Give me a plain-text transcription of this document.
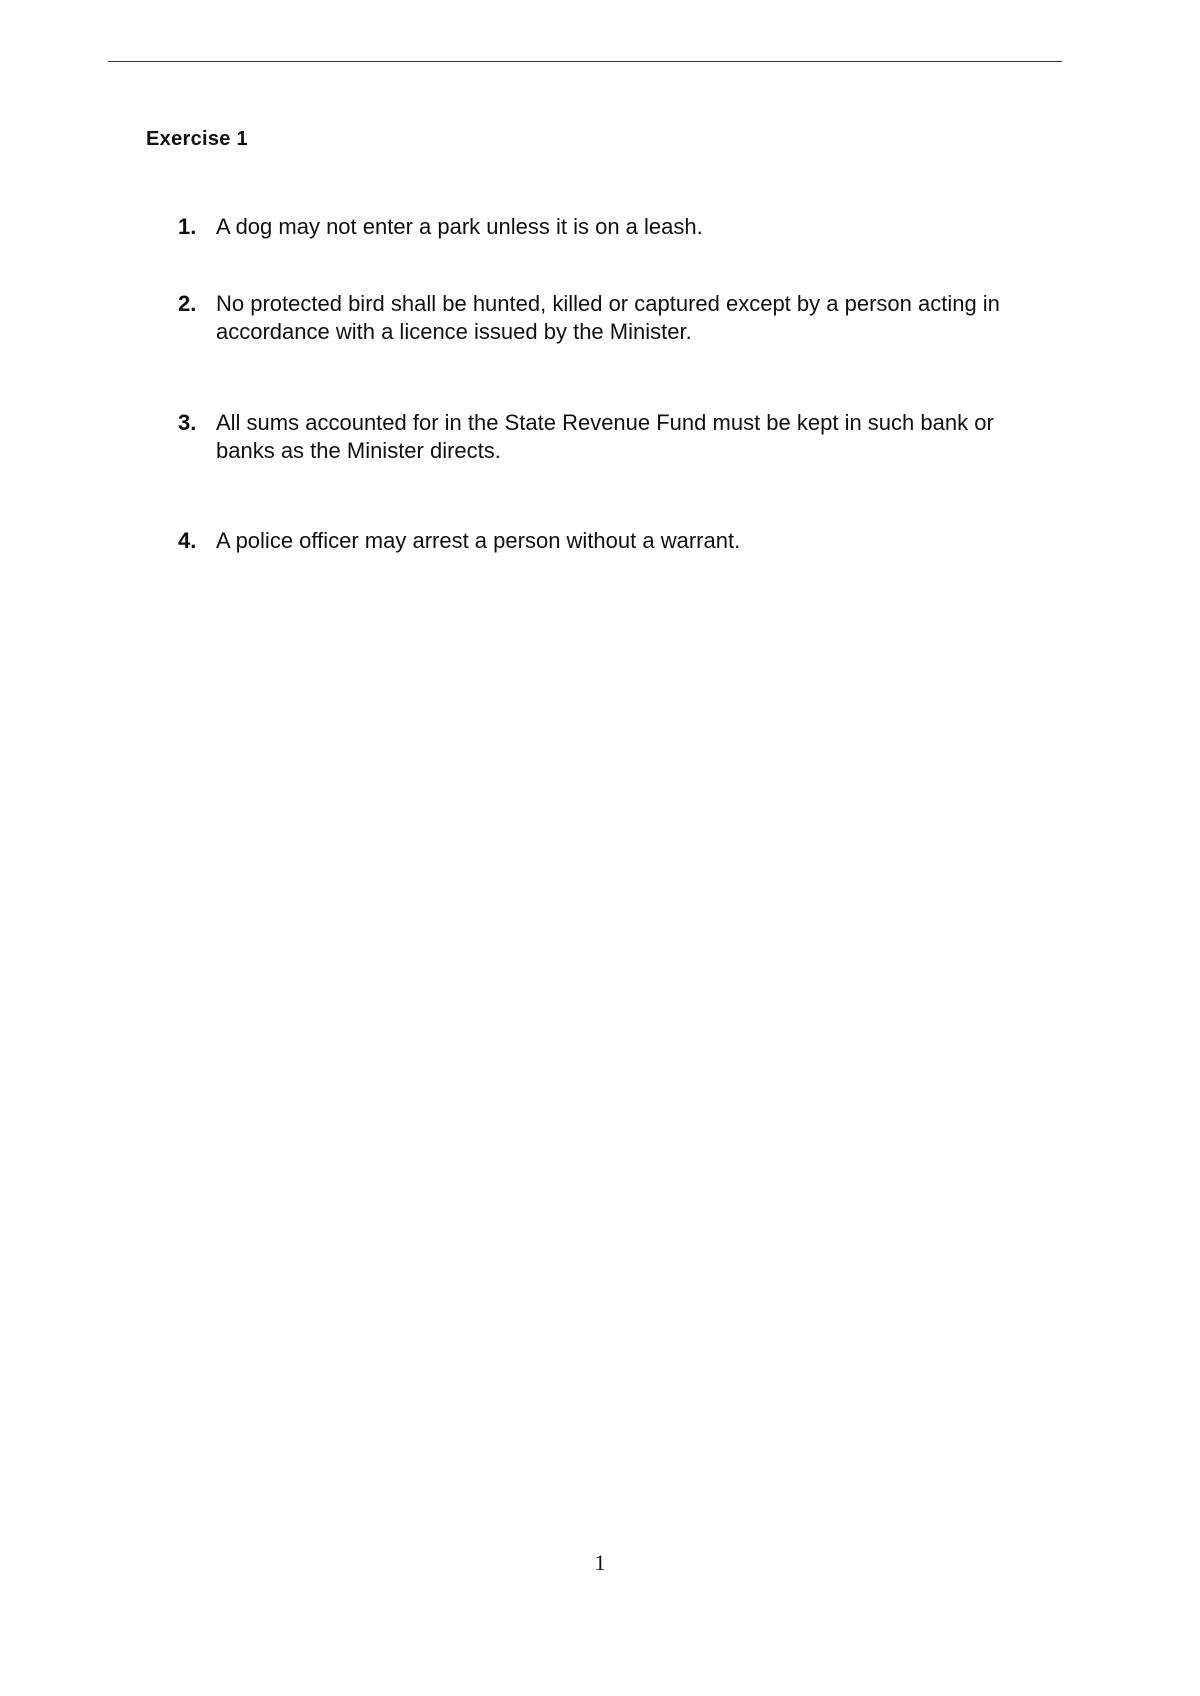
Exercise 1
1. A dog may not enter a park unless it is on a leash.
2. No protected bird shall be hunted, killed or captured except by a person acting in accordance with a licence issued by the Minister.
3. All sums accounted for in the State Revenue Fund must be kept in such bank or banks as the Minister directs.
4. A police officer may arrest a person without a warrant.
1
